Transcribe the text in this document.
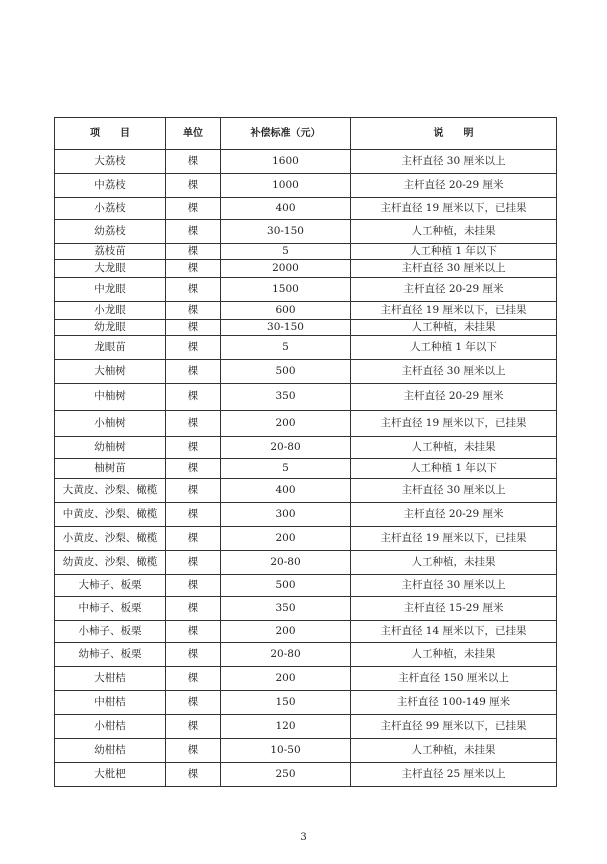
项　　目	单位	补偿标准（元）	说　　明
大荔枝	棵	1600	主杆直径 30 厘米以上
中荔枝	棵	1000	主杆直径 20-29 厘米
小荔枝	棵	400	主杆直径 19 厘米以下，已挂果
幼荔枝	棵	30-150	人工种植，未挂果
荔枝苗	棵	5	人工种植 1 年以下
大龙眼	棵	2000	主杆直径 30 厘米以上
中龙眼	棵	1500	主杆直径 20-29 厘米
小龙眼	棵	600	主杆直径 19 厘米以下，已挂果
幼龙眼	棵	30-150	人工种植，未挂果
龙眼苗	棵	5	人工种植 1 年以下
大柚树	棵	500	主杆直径 30 厘米以上
中柚树	棵	350	主杆直径 20-29 厘米
小柚树	棵	200	主杆直径 19 厘米以下，已挂果
幼柚树	棵	20-80	人工种植，未挂果
柚树苗	棵	5	人工种植 1 年以下
大黄皮、沙梨、橄榄	棵	400	主杆直径 30 厘米以上
中黄皮、沙梨、橄榄	棵	300	主杆直径 20-29 厘米
小黄皮、沙梨、橄榄	棵	200	主杆直径 19 厘米以下，已挂果
幼黄皮、沙梨、橄榄	棵	20-80	人工种植，未挂果
大柿子、板栗	棵	500	主杆直径 30 厘米以上
中柿子、板栗	棵	350	主杆直径 15-29 厘米
小柿子、板栗	棵	200	主杆直径 14 厘米以下，已挂果
幼柿子、板栗	棵	20-80	人工种植，未挂果
大柑桔	棵	200	主杆直径 150 厘米以上
中柑桔	棵	150	主杆直径 100-149 厘米
小柑桔	棵	120	主杆直径 99 厘米以下，已挂果
幼柑桔	棵	10-50	人工种植，未挂果
大枇杷	棵	250	主杆直径 25 厘米以上
3
